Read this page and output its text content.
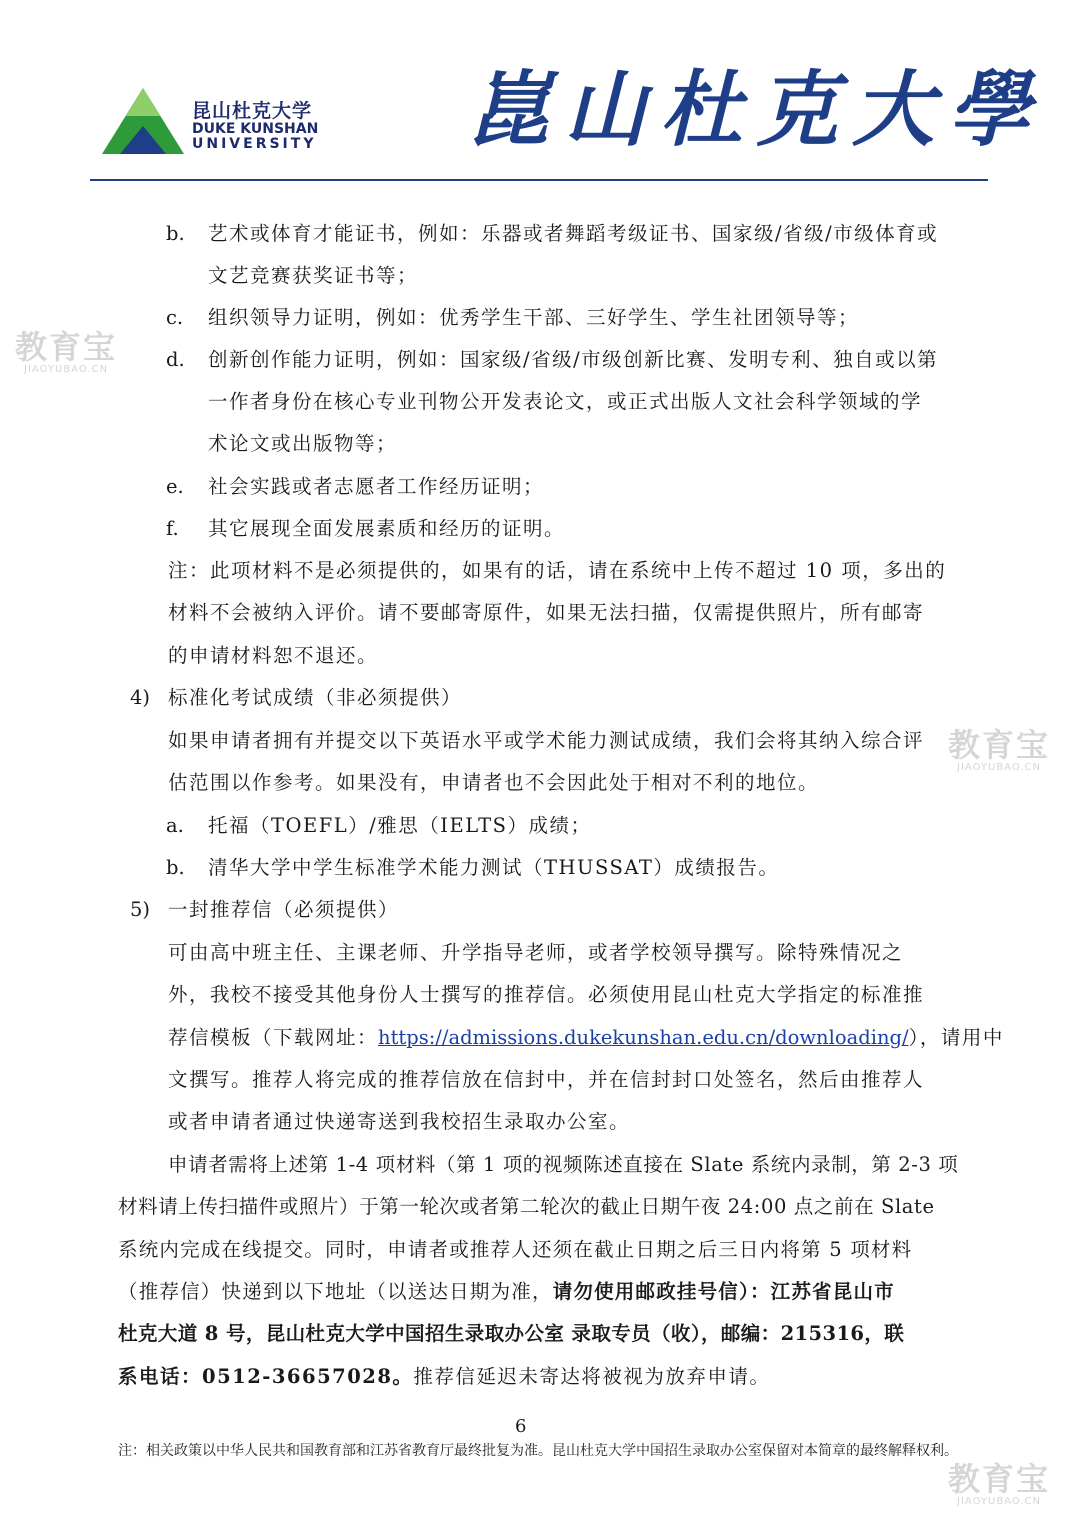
昆山杜克大学
DUKE KUNSHAN
UNIVERSITY 崑山杜克大學
b. 艺术或体育才能证书，例如：乐器或者舞蹈考级证书、国家级/省级/市级体育或
文艺竞赛获奖证书等；
c. 组织领导力证明，例如：优秀学生干部、三好学生、学生社团领导等；
d. 创新创作能力证明，例如：国家级/省级/市级创新比赛、发明专利、独自或以第
一作者身份在核心专业刊物公开发表论文，或正式出版人文社会科学领域的学
术论文或出版物等；
e. 社会实践或者志愿者工作经历证明；
f. 其它展现全面发展素质和经历的证明。
注：此项材料不是必须提供的，如果有的话，请在系统中上传不超过 10 项，多出的
材料不会被纳入评价。请不要邮寄原件，如果无法扫描，仅需提供照片，所有邮寄
的申请材料恕不退还。
4) 标准化考试成绩（非必须提供）
如果申请者拥有并提交以下英语水平或学术能力测试成绩，我们会将其纳入综合评
估范围以作参考。如果没有，申请者也不会因此处于相对不利的地位。
a. 托福（TOEFL）/雅思（IELTS）成绩；
b. 清华大学中学生标准学术能力测试（THUSSAT）成绩报告。
5) 一封推荐信（必须提供）
可由高中班主任、主课老师、升学指导老师，或者学校领导撰写。除特殊情况之
外，我校不接受其他身份人士撰写的推荐信。必须使用昆山杜克大学指定的标准推
荐信模板（下载网址：https://admissions.dukekunshan.edu.cn/downloading/），请用中
文撰写。推荐人将完成的推荐信放在信封中，并在信封封口处签名，然后由推荐人
或者申请者通过快递寄送到我校招生录取办公室。
申请者需将上述第 1-4 项材料（第 1 项的视频陈述直接在 Slate 系统内录制，第 2-3 项
材料请上传扫描件或照片）于第一轮次或者第二轮次的截止日期午夜 24:00 点之前在 Slate
系统内完成在线提交。同时，申请者或推荐人还须在截止日期之后三日内将第 5 项材料
（推荐信）快递到以下地址（以送达日期为准，请勿使用邮政挂号信）：江苏省昆山市
杜克大道 8 号，昆山杜克大学中国招生录取办公室 录取专员（收），邮编：215316，联
系电话：0512-36657028。推荐信延迟未寄达将被视为放弃申请。
6
注：相关政策以中华人民共和国教育部和江苏省教育厅最终批复为准。昆山杜克大学中国招生录取办公室保留对本简章的最终解释权利。
教育宝
JIAOYUBAO.CN
教育宝
JIAOYUBAO.CN
教育宝
JIAOYUBAO.CN
